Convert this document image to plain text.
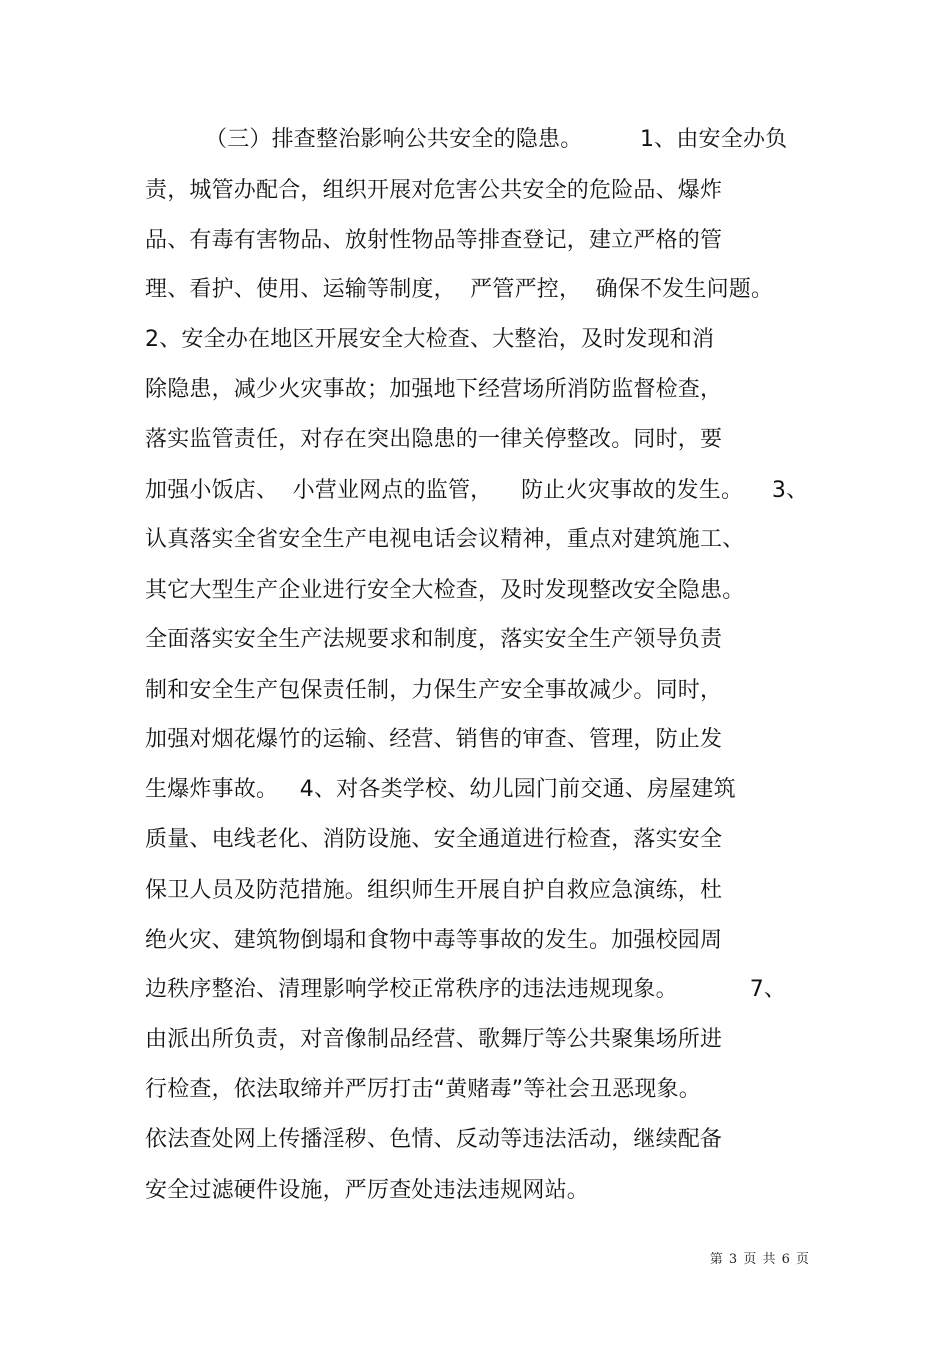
（三）排查整治影响公共安全的隐患。        1、由安全办负
责，城管办配合，组织开展对危害公共安全的危险品、爆炸
品、有毒有害物品、放射性物品等排查登记，建立严格的管
理、看护、使用、运输等制度，  严管严控，  确保不发生问题。
2、安全办在地区开展安全大检查、大整治，及时发现和消
除隐患，减少火灾事故；加强地下经营场所消防监督检查，
落实监管责任，对存在突出隐患的一律关停整改。同时，要
加强小饭店、  小营业网点的监管，    防止火灾事故的发生。    3、
认真落实全省安全生产电视电话会议精神，重点对建筑施工、
其它大型生产企业进行安全大检查，及时发现整改安全隐患。
全面落实安全生产法规要求和制度，落实安全生产领导负责
制和安全生产包保责任制，力保生产安全事故减少。同时，
加强对烟花爆竹的运输、经营、销售的审查、管理，防止发
生爆炸事故。   4、对各类学校、幼儿园门前交通、房屋建筑
质量、电线老化、消防设施、安全通道进行检查，落实安全
保卫人员及防范措施。组织师生开展自护自救应急演练，杜
绝火灾、建筑物倒塌和食物中毒等事故的发生。加强校园周
边秩序整治、清理影响学校正常秩序的违法违规现象。          7、
由派出所负责，对音像制品经营、歌舞厅等公共聚集场所进
行检查，依法取缔并严厉打击“黄赌毒”等社会丑恶现象。
依法查处网上传播淫秽、色情、反动等违法活动，继续配备
安全过滤硬件设施，严厉查处违法违规网站。
第 3 页 共 6 页
